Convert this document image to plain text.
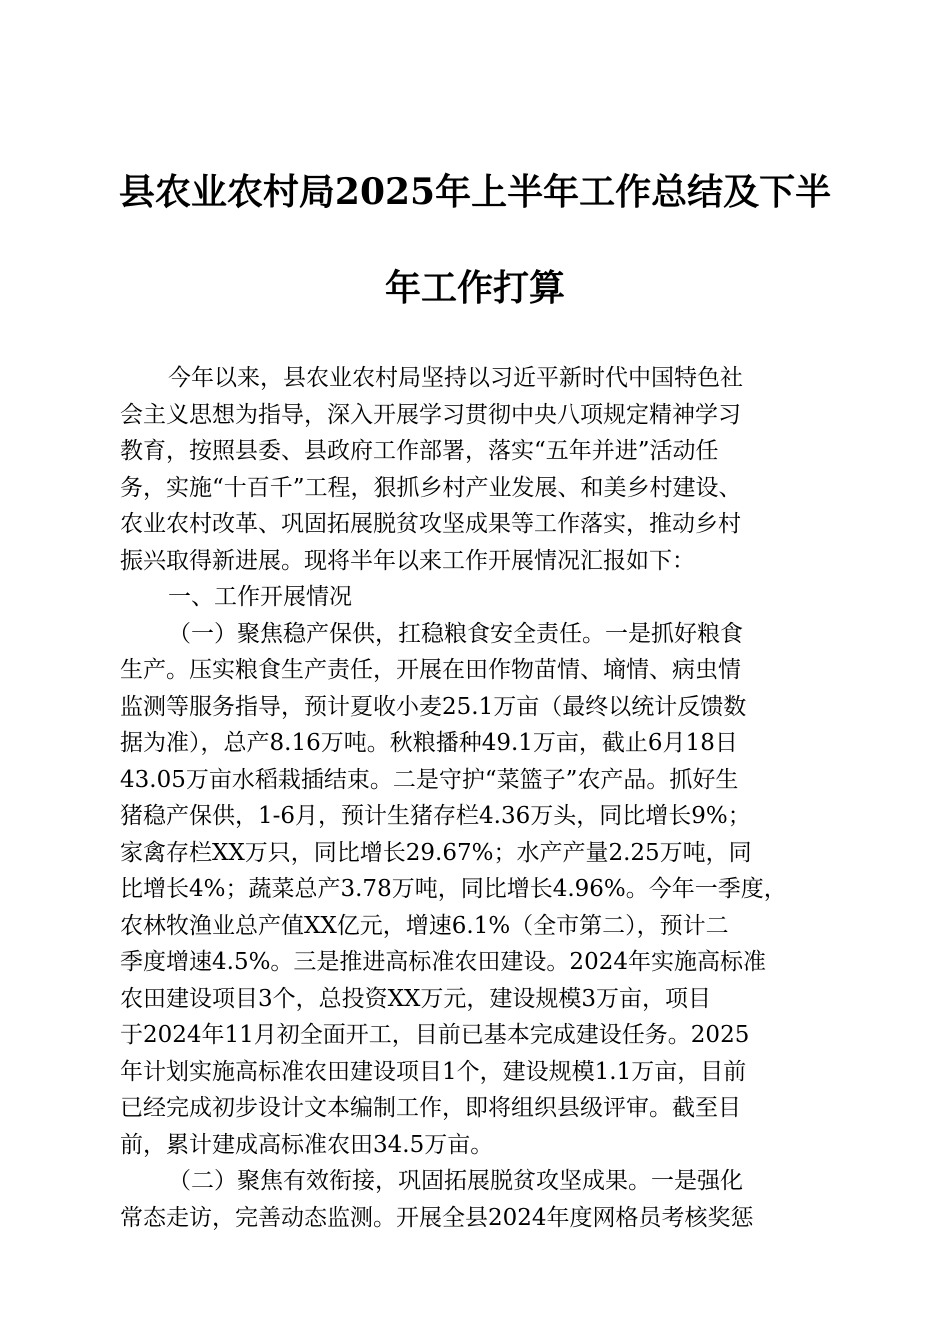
县农业农村局2025年上半年工作总结及下半
年工作打算
今年以来，县农业农村局坚持以习近平新时代中国特色社
会主义思想为指导，深入开展学习贯彻中央八项规定精神学习
教育，按照县委、县政府工作部署，落实“五年并进”活动任
务，实施“十百千”工程，狠抓乡村产业发展、和美乡村建设、
农业农村改革、巩固拓展脱贫攻坚成果等工作落实，推动乡村
振兴取得新进展。现将半年以来工作开展情况汇报如下：
一、工作开展情况
（一）聚焦稳产保供，扛稳粮食安全责任。一是抓好粮食
生产。压实粮食生产责任，开展在田作物苗情、墒情、病虫情
监测等服务指导，预计夏收小麦25.1万亩（最终以统计反馈数
据为准），总产8.16万吨。秋粮播种49.1万亩，截止6月18日
43.05万亩水稻栽插结束。二是守护“菜篮子”农产品。抓好生
猪稳产保供，1-6月，预计生猪存栏4.36万头，同比增长9%；
家禽存栏XX万只，同比增长29.67%；水产产量2.25万吨，同
比增长4%；蔬菜总产3.78万吨，同比增长4.96%。今年一季度，
农林牧渔业总产值XX亿元，增速6.1%（全市第二），预计二
季度增速4.5%。三是推进高标准农田建设。2024年实施高标准
农田建设项目3个，总投资XX万元，建设规模3万亩，项目
于2024年11月初全面开工，目前已基本完成建设任务。2025
年计划实施高标准农田建设项目1个，建设规模1.1万亩，目前
已经完成初步设计文本编制工作，即将组织县级评审。截至目
前，累计建成高标准农田34.5万亩。
（二）聚焦有效衔接，巩固拓展脱贫攻坚成果。一是强化
常态走访，完善动态监测。开展全县2024年度网格员考核奖惩
